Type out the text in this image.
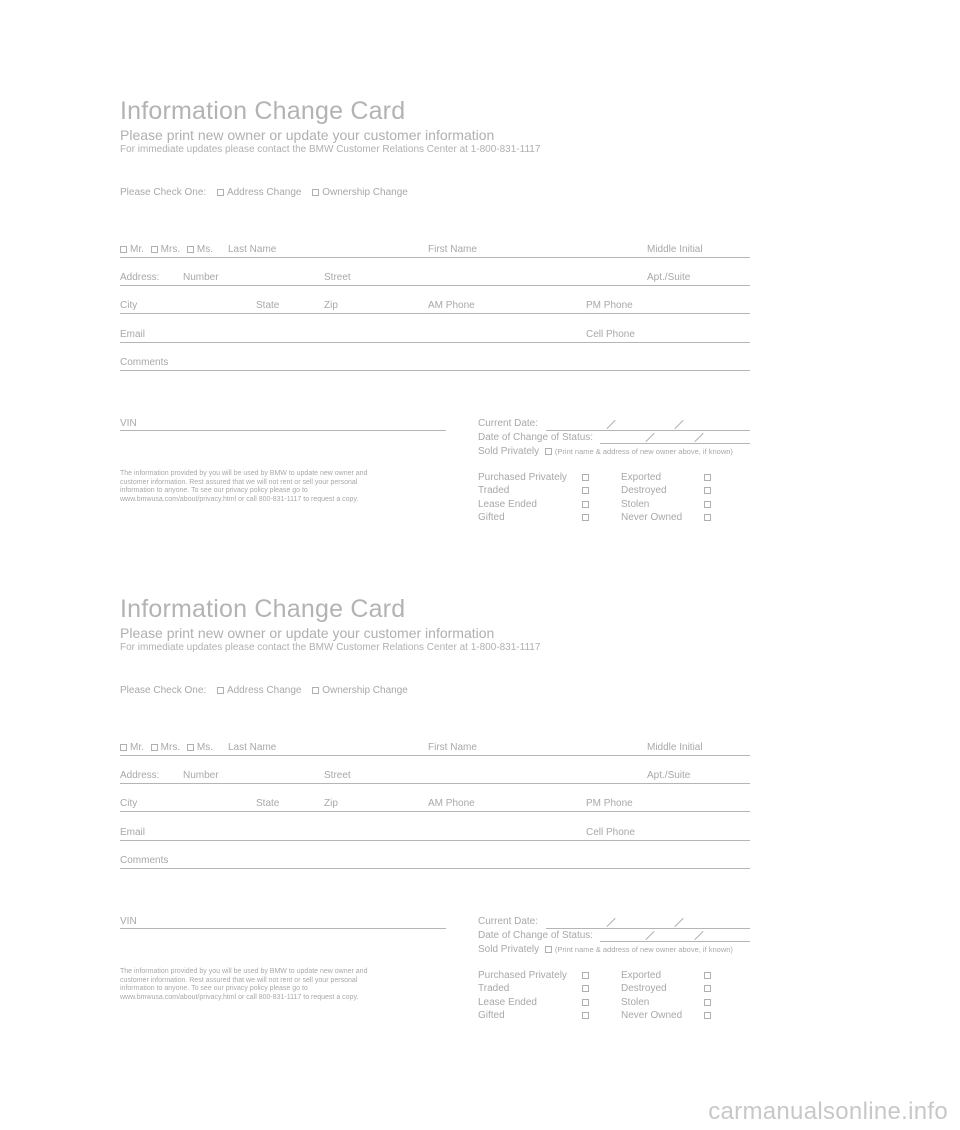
Information Change Card
Please print new owner or update your customer information
For immediate updates please contact the BMW Customer Relations Center at 1-800-831-1117
Please Check One: Address Change Ownership Change
Mr. Mrs. Ms. Last Name	First Name	Middle Initial
Address: Number	Street	Apt./Suite
City	State	Zip	AM Phone	PM Phone
Email	Cell Phone
Comments
VIN	Current Date:
Date of Change of Status:
Sold Privately (Print name & address of new owner above, if known)
The information provided by you will be used by BMW to update new owner and customer information. Rest assured that we will not rent or sell your personal information to anyone. To see our privacy policy please go to www.bmwusa.com/about/privacy.html or call 800-831-1117 to request a copy.
Purchased Privately
Traded
Lease Ended
Gifted
Exported
Destroyed
Stolen
Never Owned
Information Change Card
Please print new owner or update your customer information
For immediate updates please contact the BMW Customer Relations Center at 1-800-831-1117
Please Check One: Address Change Ownership Change
Mr. Mrs. Ms. Last Name	First Name	Middle Initial
Address: Number	Street	Apt./Suite
City	State	Zip	AM Phone	PM Phone
Email	Cell Phone
Comments
VIN	Current Date:
Date of Change of Status:
Sold Privately (Print name & address of new owner above, if known)
The information provided by you will be used by BMW to update new owner and customer information. Rest assured that we will not rent or sell your personal information to anyone. To see our privacy policy please go to www.bmwusa.com/about/privacy.html or call 800-831-1117 to request a copy.
Purchased Privately
Traded
Lease Ended
Gifted
Exported
Destroyed
Stolen
Never Owned
carmanualsonline.info
